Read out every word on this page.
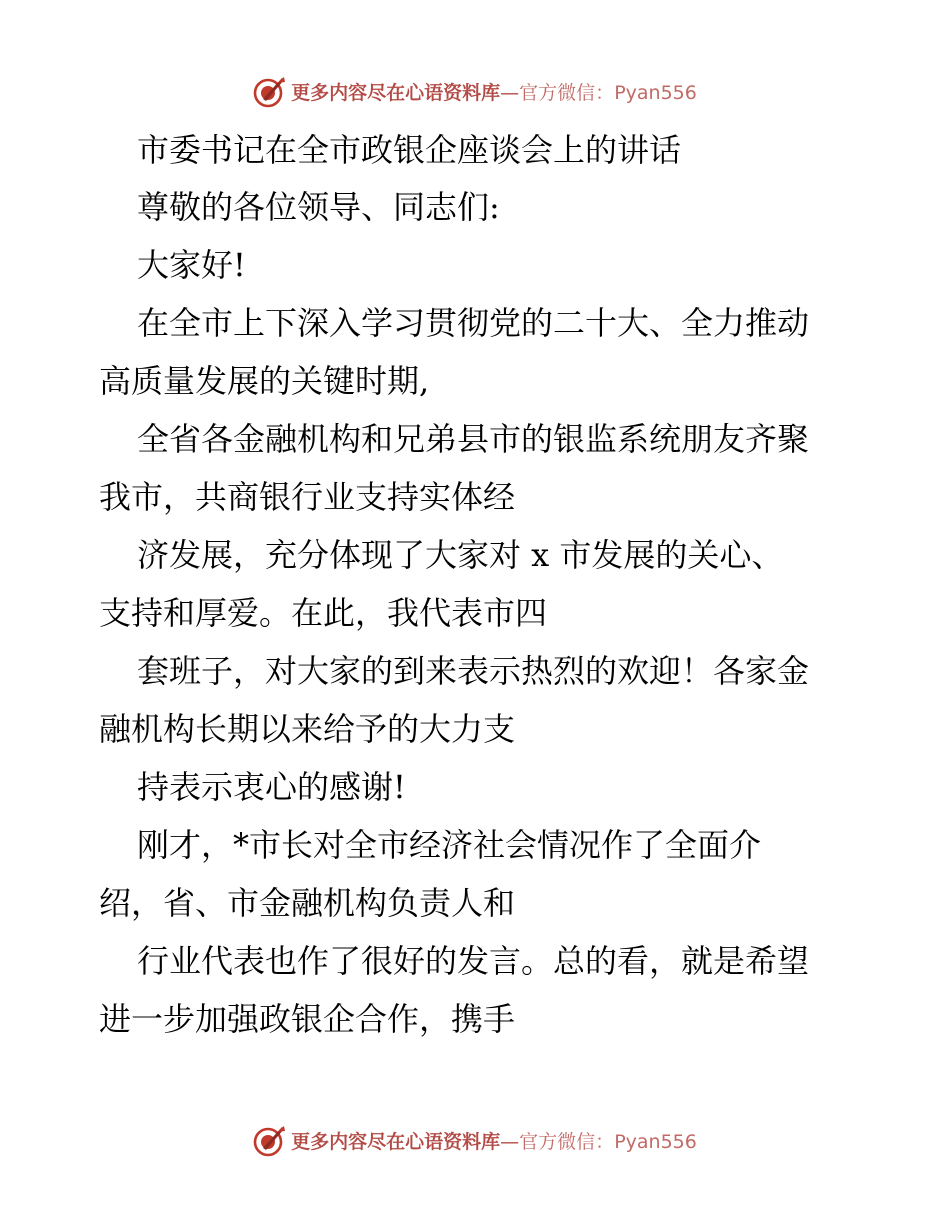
更多内容尽在心语资料库—官方微信：Pyan556
市委书记在全市政银企座谈会上的讲话
尊敬的各位领导、同志们:
大家好!
在全市上下深入学习贯彻党的二十大、全力推动
高质量发展的关键时期,
全省各金融机构和兄弟县市的银监系统朋友齐聚
我市，共商银行业支持实体经
济发展，充分体现了大家对 x 市发展的关心、
支持和厚爱。在此，我代表市四
套班子，对大家的到来表示热烈的欢迎！各家金
融机构长期以来给予的大力支
持表示衷心的感谢!
刚才，*市长对全市经济社会情况作了全面介
绍，省、市金融机构负责人和
行业代表也作了很好的发言。总的看，就是希望
进一步加强政银企合作，携手
更多内容尽在心语资料库—官方微信：Pyan556
